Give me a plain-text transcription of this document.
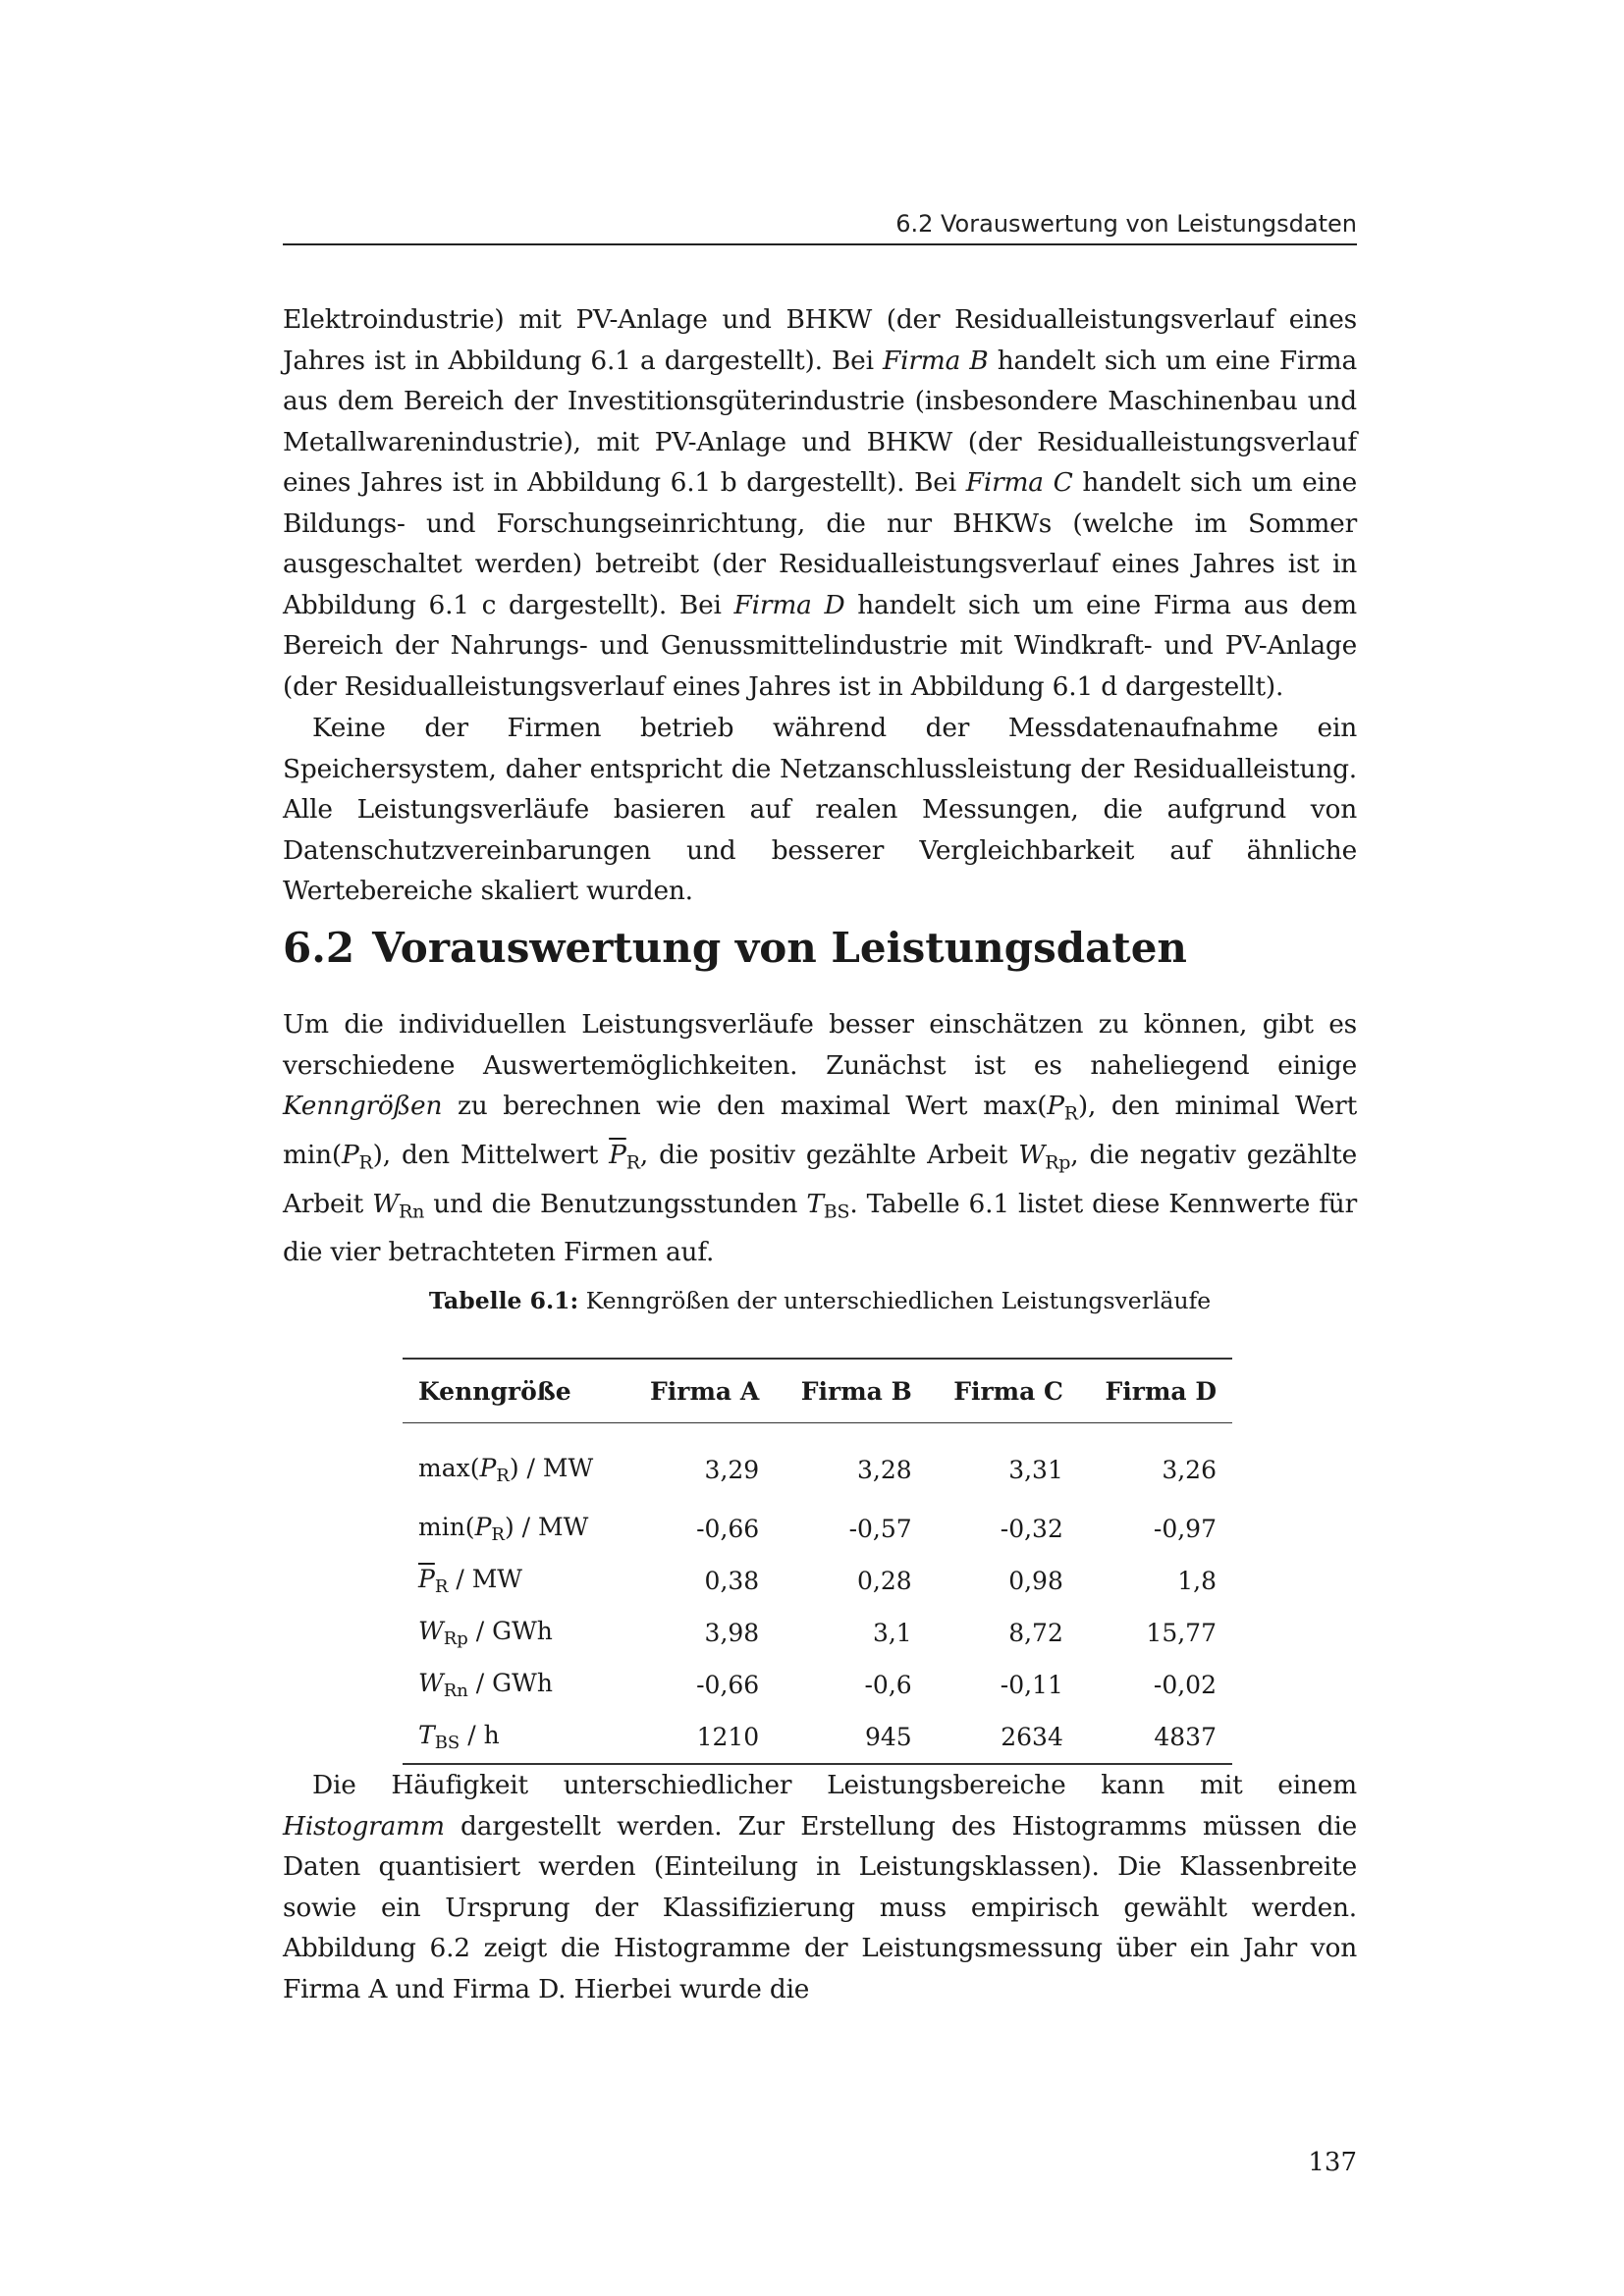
6.2 Vorauswertung von Leistungsdaten

Elektroindustrie) mit PV-Anlage und BHKW (der Residualleistungsverlauf eines Jahres ist in Abbildung 6.1 a dargestellt). Bei Firma B handelt sich um eine Firma aus dem Bereich der Investitionsgüterindustrie (insbesondere Maschinenbau und Metallwarenindustrie), mit PV-Anlage und BHKW (der Residualleistungsverlauf eines Jahres ist in Abbildung 6.1 b dargestellt). Bei Firma C handelt sich um eine Bildungs- und Forschungseinrichtung, die nur BHKWs (welche im Sommer ausgeschaltet werden) betreibt (der Residualleistungsverlauf eines Jahres ist in Abbildung 6.1 c dargestellt). Bei Firma D handelt sich um eine Firma aus dem Bereich der Nahrungs- und Genussmittelindustrie mit Windkraft- und PV-Anlage (der Residualleistungsverlauf eines Jahres ist in Abbildung 6.1 d dargestellt).

Keine der Firmen betrieb während der Messdatenaufnahme ein Speichersystem, daher entspricht die Netzanschlussleistung der Residualleistung. Alle Leistungsverläufe basieren auf realen Messungen, die aufgrund von Datenschutzvereinbarungen und besserer Vergleichbarkeit auf ähnliche Wertebereiche skaliert wurden.

6.2 Vorauswertung von Leistungsdaten

Um die individuellen Leistungsverläufe besser einschätzen zu können, gibt es verschiedene Auswertemöglichkeiten. Zunächst ist es naheliegend einige Kenngrößen zu berechnen wie den maximal Wert $\max(P_R)$, den minimal Wert $\min(P_R)$, den Mittelwert $\overline{P}_R$, die positiv gezählte Arbeit $W_{Rp}$, die negativ gezählte Arbeit $W_{Rn}$ und die Benutzungsstunden $T_{BS}$. Tabelle 6.1 listet diese Kennwerte für die vier betrachteten Firmen auf.

Tabelle 6.1: Kenngrößen der unterschiedlichen Leistungsverläufe
Kenngröße	Firma A	Firma B	Firma C	Firma D
$\max(P_R)$ / MW	3,29	3,28	3,31	3,26
$\min(P_R)$ / MW	-0,66	-0,57	-0,32	-0,97
$\overline{P}_R$ / MW	0,38	0,28	0,98	1,8
$W_{Rp}$ / GWh	3,98	3,1	8,72	15,77
$W_{Rn}$ / GWh	-0,66	-0,6	-0,11	-0,02
$T_{BS}$ / h	1210	945	2634	4837

Die Häufigkeit unterschiedlicher Leistungsbereiche kann mit einem Histogramm dargestellt werden. Zur Erstellung des Histogramms müssen die Daten quantisiert werden (Einteilung in Leistungsklassen). Die Klassenbreite sowie ein Ursprung der Klassifizierung muss empirisch gewählt werden. Abbildung 6.2 zeigt die Histogramme der Leistungsmessung über ein Jahr von Firma A und Firma D. Hierbei wurde die

137
